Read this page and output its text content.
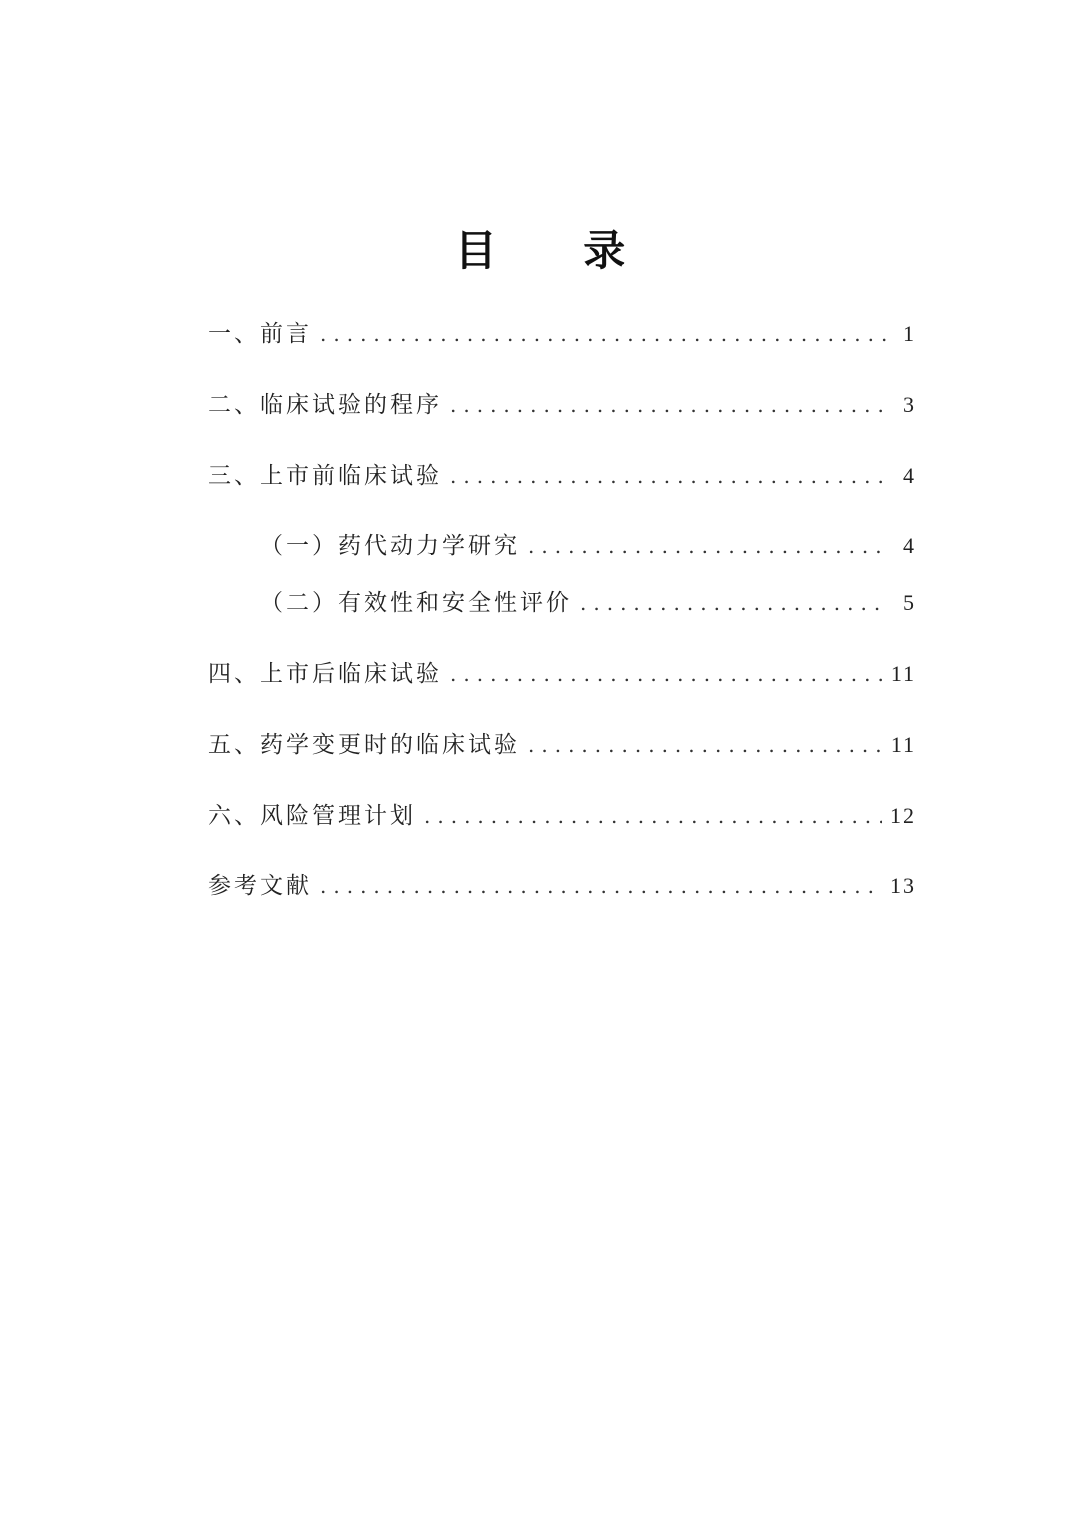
目 录
一、前言 .....	1
二、临床试验的程序 .....	3
三、上市前临床试验 .....	4
（一）药代动力学研究 .....	4
（二）有效性和安全性评价 .....	5
四、上市后临床试验 .....	11
五、药学变更时的临床试验 .....	11
六、风险管理计划 .....	12
参考文献 .....	13
